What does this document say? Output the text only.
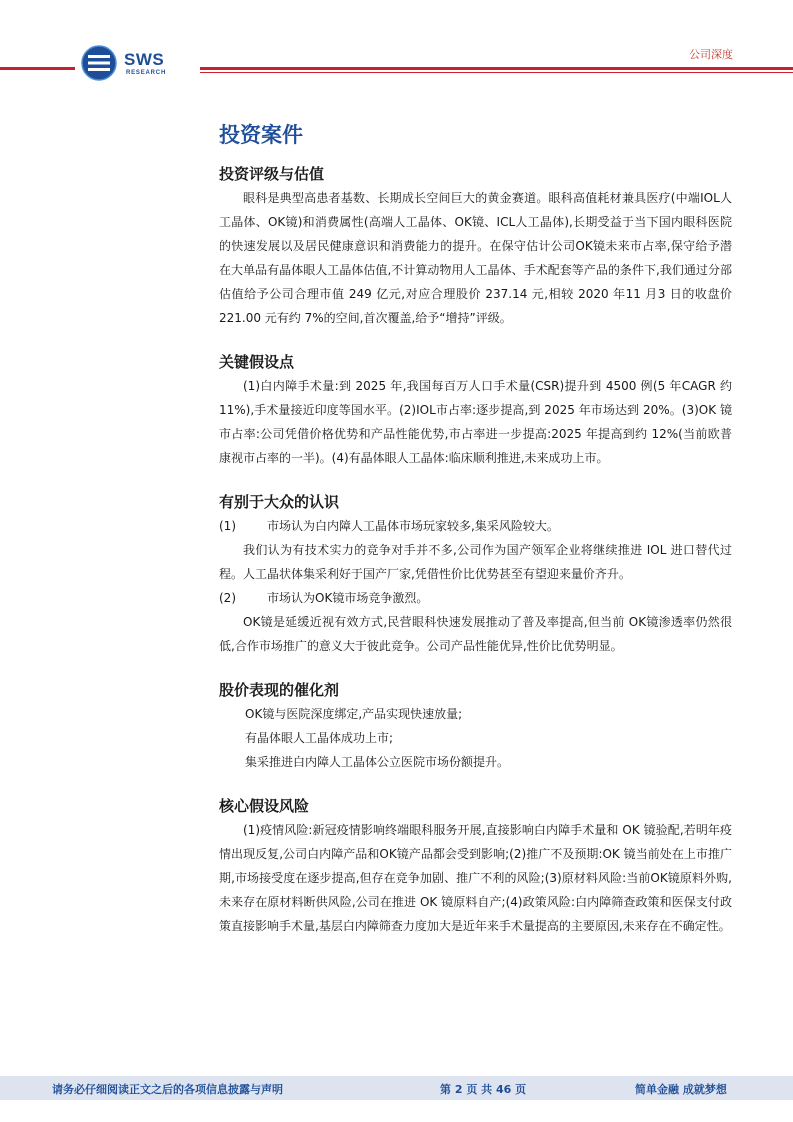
SWS
RESEARCH
公司深度
投资案件
投资评级与估值

眼科是典型高患者基数、长期成长空间巨大的黄金赛道。眼科高值耗材兼具医疗(中端IOL人工晶体、OK镜)和消费属性(高端人工晶体、OK镜、ICL人工晶体),长期受益于当下国内眼科医院的快速发展以及居民健康意识和消费能力的提升。在保守估计公司OK镜未来市占率,保守给予潜在大单品有晶体眼人工晶体估值,不计算动物用人工晶体、手术配套等产品的条件下,我们通过分部估值给予公司合理市值 249 亿元,对应合理股价 237.14 元,相较 2020 年11 月3 日的收盘价 221.00 元有约 7%的空间,首次覆盖,给予“增持”评级。

关键假设点

(1)白内障手术量:到 2025 年,我国每百万人口手术量(CSR)提升到 4500 例(5 年CAGR 约 11%),手术量接近印度等国水平。(2)IOL市占率:逐步提高,到 2025 年市场达到 20%。(3)OK 镜市占率:公司凭借价格优势和产品性能优势,市占率进一步提高:2025 年提高到约 12%(当前欧普康视市占率的一半)。(4)有晶体眼人工晶体:临床顺利推进,未来成功上市。

有别于大众的认识
(1)	市场认为白内障人工晶体市场玩家较多,集采风险较大。

我们认为有技术实力的竞争对手并不多,公司作为国产领军企业将继续推进 IOL 进口替代过程。人工晶状体集采利好于国产厂家,凭借性价比优势甚至有望迎来量价齐升。

(2)	市场认为OK镜市场竞争激烈。

OK镜是延缓近视有效方式,民营眼科快速发展推动了普及率提高,但当前 OK镜渗透率仍然很低,合作市场推广的意义大于彼此竞争。公司产品性能优异,性价比优势明显。

股价表现的催化剂
OK镜与医院深度绑定,产品实现快速放量;
有晶体眼人工晶体成功上市;
集采推进白内障人工晶体公立医院市场份额提升。
核心假设风险

(1)疫情风险:新冠疫情影响终端眼科服务开展,直接影响白内障手术量和 OK 镜验配,若明年疫情出现反复,公司白内障产品和OK镜产品都会受到影响;(2)推广不及预期:OK 镜当前处在上市推广期,市场接受度在逐步提高,但存在竞争加剧、推广不利的风险;(3)原材料风险:当前OK镜原料外购,未来存在原材料断供风险,公司在推进 OK 镜原料自产;(4)政策风险:白内障筛查政策和医保支付政策直接影响手术量,基层白内障筛查力度加大是近年来手术量提高的主要原因,未来存在不确定性。

请务必仔细阅读正文之后的各项信息披露与声明	第 2 页 共 46 页	简单金融 成就梦想
